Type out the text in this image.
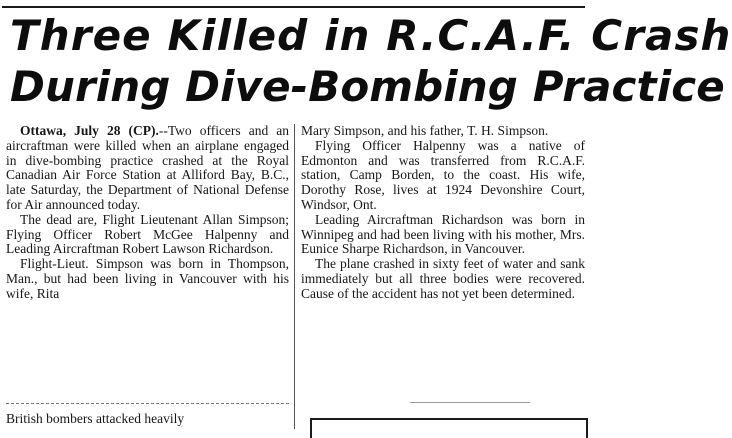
Three Killed in R.C.A.F. Crash
During Dive-Bombing Practice

Ottawa, July 28 (CP).--Two officers and an aircraftman were killed when an airplane engaged in dive-bombing practice crashed at the Royal Canadian Air Force Station at Alliford Bay, B.C., late Saturday, the Department of National Defense for Air announced today.

The dead are, Flight Lieutenant Allan Simpson; Flying Officer Robert McGee Halpenny and Leading Aircraftman Robert Lawson Richardson.

Flight-Lieut. Simpson was born in Thompson, Man., but had been living in Vancouver with his wife, Rita

Mary Simpson, and his father, T. H. Simpson.

Flying Officer Halpenny was a native of Edmonton and was transferred from R.C.A.F. station, Camp Borden, to the coast. His wife, Dorothy Rose, lives at 1924 Devonshire Court, Windsor, Ont.

Leading Aircraftman Richardson was born in Winnipeg and had been living with his mother, Mrs. Eunice Sharpe Richardson, in Vancouver.

The plane crashed in sixty feet of water and sank immediately but all three bodies were recovered. Cause of the accident has not yet been determined.

British bombers attacked heavily
